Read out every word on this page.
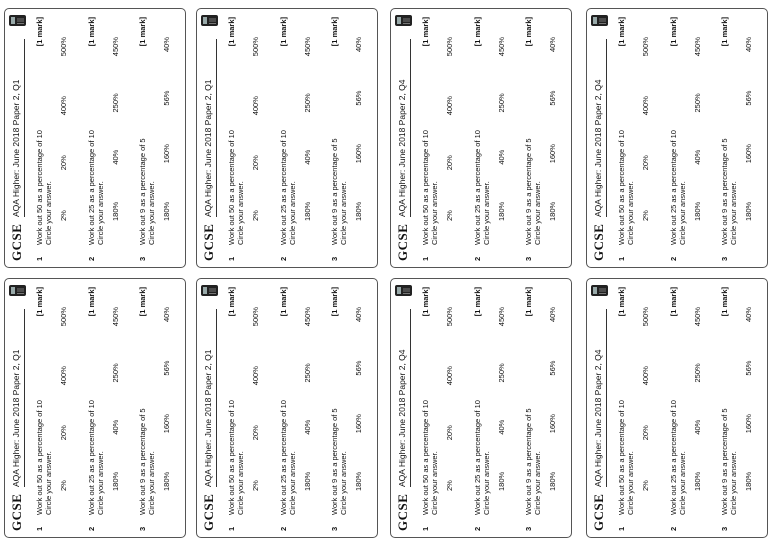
GCSE
AQA Higher: June 2018 Paper 2, Q1
1
Work out 50 as a percentage of 10 Circle your answer.
[1 mark]
2%
20%
400%
500%
2
Work out 25 as a percentage of 10 Circle your answer.
[1 mark]
180%
40%
250%
450%
3
Work out 9 as a percentage of 5 Circle your answer.
[1 mark]
180%
160%
56%
40%
GCSE
AQA Higher: June 2018 Paper 2, Q1
1
Work out 50 as a percentage of 10 Circle your answer.
[1 mark]
2%
20%
400%
500%
2
Work out 25 as a percentage of 10 Circle your answer.
[1 mark]
180%
40%
250%
450%
3
Work out 9 as a percentage of 5 Circle your answer.
[1 mark]
180%
160%
56%
40%
GCSE
AQA Higher: June 2018 Paper 2, Q4
1
Work out 50 as a percentage of 10 Circle your answer.
[1 mark]
2%
20%
400%
500%
2
Work out 25 as a percentage of 10 Circle your answer.
[1 mark]
180%
40%
250%
450%
3
Work out 9 as a percentage of 5 Circle your answer.
[1 mark]
180%
160%
56%
40%
GCSE
AQA Higher: June 2018 Paper 2, Q4
1
Work out 50 as a percentage of 10 Circle your answer.
[1 mark]
2%
20%
400%
500%
2
Work out 25 as a percentage of 10 Circle your answer.
[1 mark]
180%
40%
250%
450%
3
Work out 9 as a percentage of 5 Circle your answer.
[1 mark]
180%
160%
56%
40%
GCSE
AQA Higher: June 2018 Paper 2, Q1
1
Work out 50 as a percentage of 10 Circle your answer.
[1 mark]
2%
20%
400%
500%
2
Work out 25 as a percentage of 10 Circle your answer.
[1 mark]
180%
40%
250%
450%
3
Work out 9 as a percentage of 5 Circle your answer.
[1 mark]
180%
160%
56%
40%
GCSE
AQA Higher: June 2018 Paper 2, Q1
1
Work out 50 as a percentage of 10 Circle your answer.
[1 mark]
2%
20%
400%
500%
2
Work out 25 as a percentage of 10 Circle your answer.
[1 mark]
180%
40%
250%
450%
3
Work out 9 as a percentage of 5 Circle your answer.
[1 mark]
180%
160%
56%
40%
GCSE
AQA Higher: June 2018 Paper 2, Q4
1
Work out 50 as a percentage of 10 Circle your answer.
[1 mark]
2%
20%
400%
500%
2
Work out 25 as a percentage of 10 Circle your answer.
[1 mark]
180%
40%
250%
450%
3
Work out 9 as a percentage of 5 Circle your answer.
[1 mark]
180%
160%
56%
40%
GCSE
AQA Higher: June 2018 Paper 2, Q4
1
Work out 50 as a percentage of 10 Circle your answer.
[1 mark]
2%
20%
400%
500%
2
Work out 25 as a percentage of 10 Circle your answer.
[1 mark]
180%
40%
250%
450%
3
Work out 9 as a percentage of 5 Circle your answer.
[1 mark]
180%
160%
56%
40%
